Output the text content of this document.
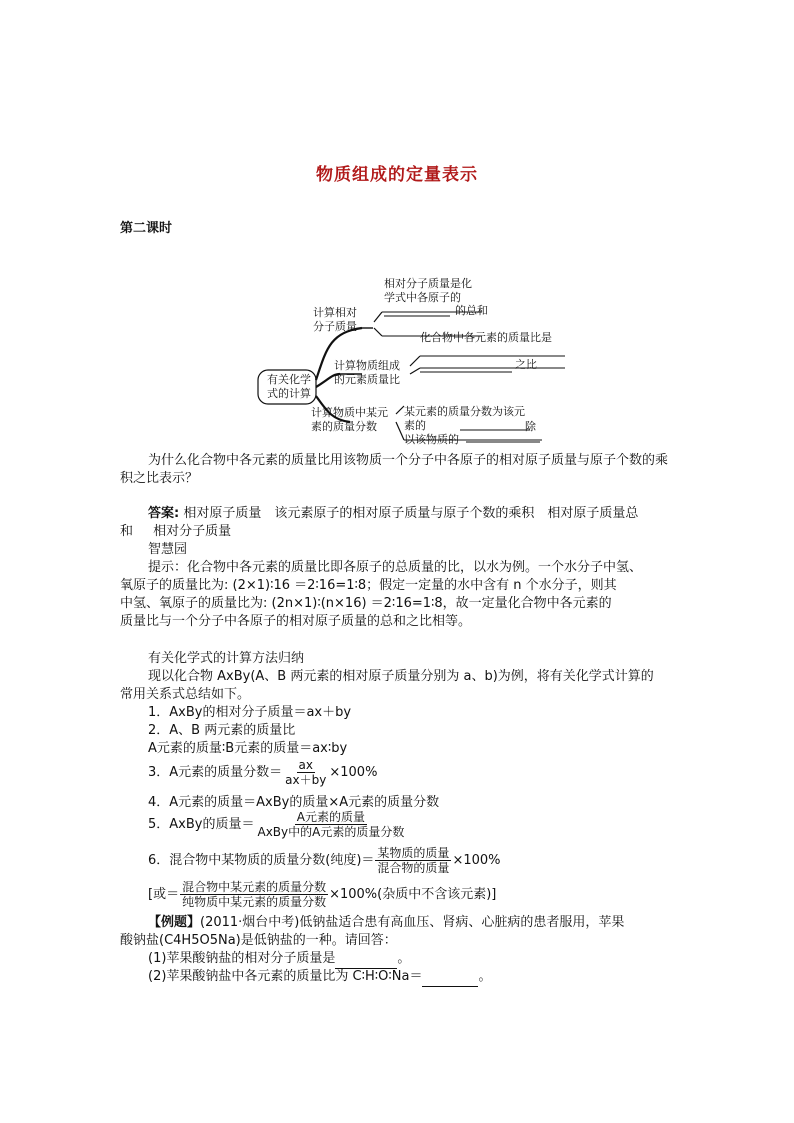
物质组成的定量表示
第二课时
有关化学
式的计算
计算相对
分子质量
相对分子质量是化
学式中各原子的
的总和
化合物中各元素的质量比是
计算物质组成
的元素质量比
之比
计算物质中某元
素的质量分数
某元素的质量分数为该元
素的	除
以该物质的
为什么化合物中各元素的质量比用该物质一个分子中各原子的相对原子质量与原子个数的乘积之比表示？
答案: 相对原子质量　该元素原子的相对原子质量与原子个数的乘积　相对原子质量总
和 相对分子质量
智慧园
提示：化合物中各元素的质量比即各原子的总质量的比，以水为例。一个水分子中氢、
氧原子的质量比为: (2×1)∶16 ＝2∶16=1∶8；假定一定量的水中含有 n 个水分子，则其
中氢、氧原子的质量比为: (2n×1)∶(n×16) ＝2∶16=1∶8，故一定量化合物中各元素的
质量比与一个分子中各原子的相对原子质量的总和之比相等。
有关化学式的计算方法归纳
现以化合物 AxBy(A、B 两元素的相对原子质量分别为 a、b)为例，将有关化学式计算的
常用关系式总结如下。
1．AxBy的相对分子质量＝ax＋by
2．A、B 两元素的质量比
A元素的质量∶B元素的质量＝ax∶by
3．A元素的质量分数＝ $\frac{ax}{ax+by} \times 100\%$
4．A元素的质量＝AxBy的质量×A元素的质量分数
5．AxBy的质量＝ $\frac{\text{A元素的质量}}{\text{AxBy中的A元素的质量分数}}$
6．混合物中某物质的质量分数(纯度)＝ $\frac{\text{某物质的质量}}{\text{混合物的质量}} \times 100\%$
[或＝ $\frac{\text{混合物中某元素的质量分数}}{\text{纯物质中某元素的质量分数}} \times 100\%$(杂质中不含该元素)]
【例题】(2011·烟台中考)低钠盐适合患有高血压、肾病、心脏病的患者服用，苹果
酸钠盐(C4H5O5Na)是低钠盐的一种。请回答：
(1)苹果酸钠盐的相对分子质量是	。
(2)苹果酸钠盐中各元素的质量比为 C∶H∶O∶Na＝	。
